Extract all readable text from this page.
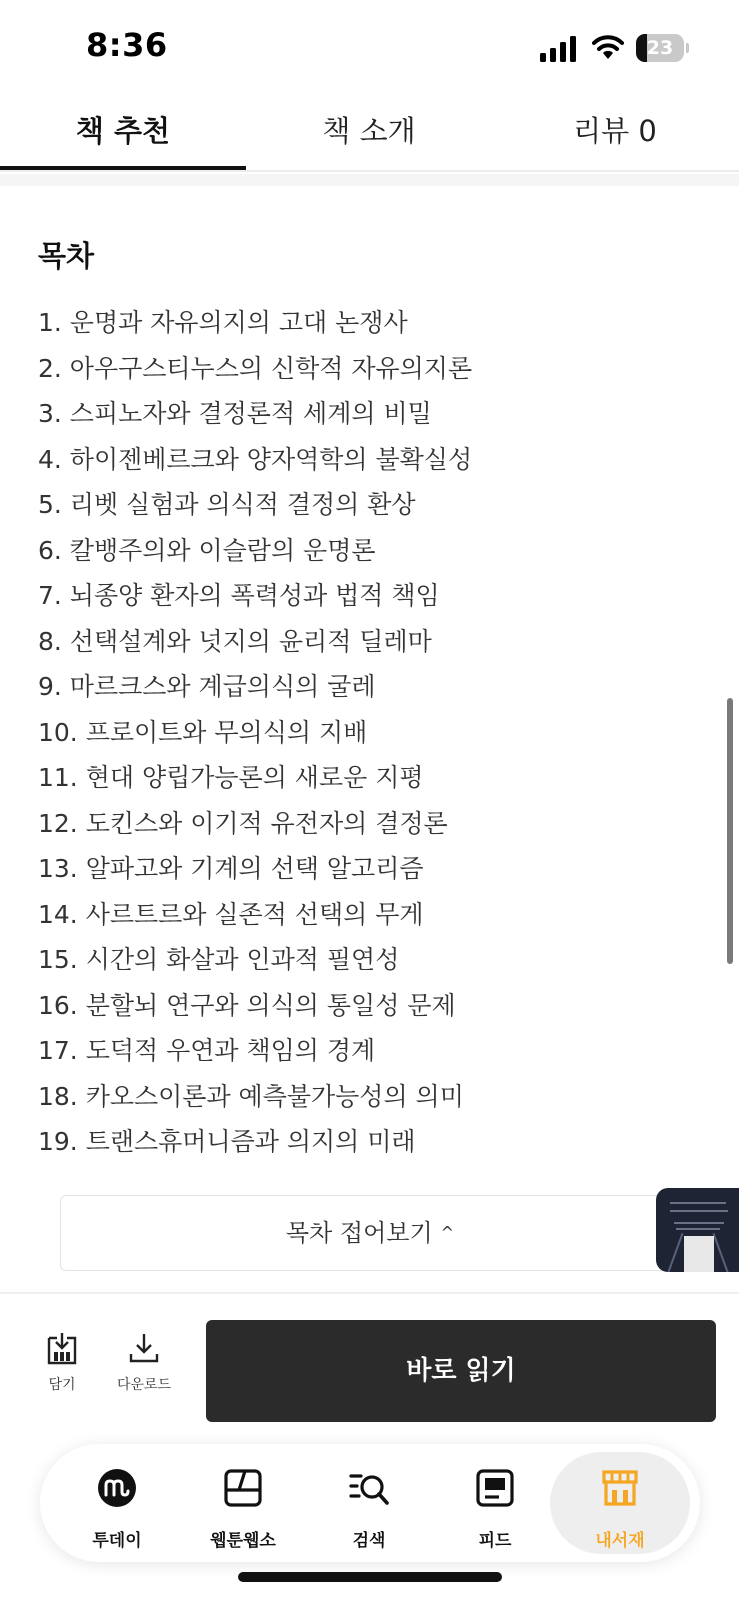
8:36	23
책 추천	책 소개	리뷰 0
목차
1. 운명과 자유의지의 고대 논쟁사
2. 아우구스티누스의 신학적 자유의지론
3. 스피노자와 결정론적 세계의 비밀
4. 하이젠베르크와 양자역학의 불확실성
5. 리벳 실험과 의식적 결정의 환상
6. 칼뱅주의와 이슬람의 운명론
7. 뇌종양 환자의 폭력성과 법적 책임
8. 선택설계와 넛지의 윤리적 딜레마
9. 마르크스와 계급의식의 굴레
10. 프로이트와 무의식의 지배
11. 현대 양립가능론의 새로운 지평
12. 도킨스와 이기적 유전자의 결정론
13. 알파고와 기계의 선택 알고리즘
14. 사르트르와 실존적 선택의 무게
15. 시간의 화살과 인과적 필연성
16. 분할뇌 연구와 의식의 통일성 문제
17. 도덕적 우연과 책임의 경계
18. 카오스이론과 예측불가능성의 의미
19. 트랜스휴머니즘과 의지의 미래
목차 접어보기 ^
담기	다운로드	바로 읽기
투데이	웹툰웹소	검색	피드	내서재
